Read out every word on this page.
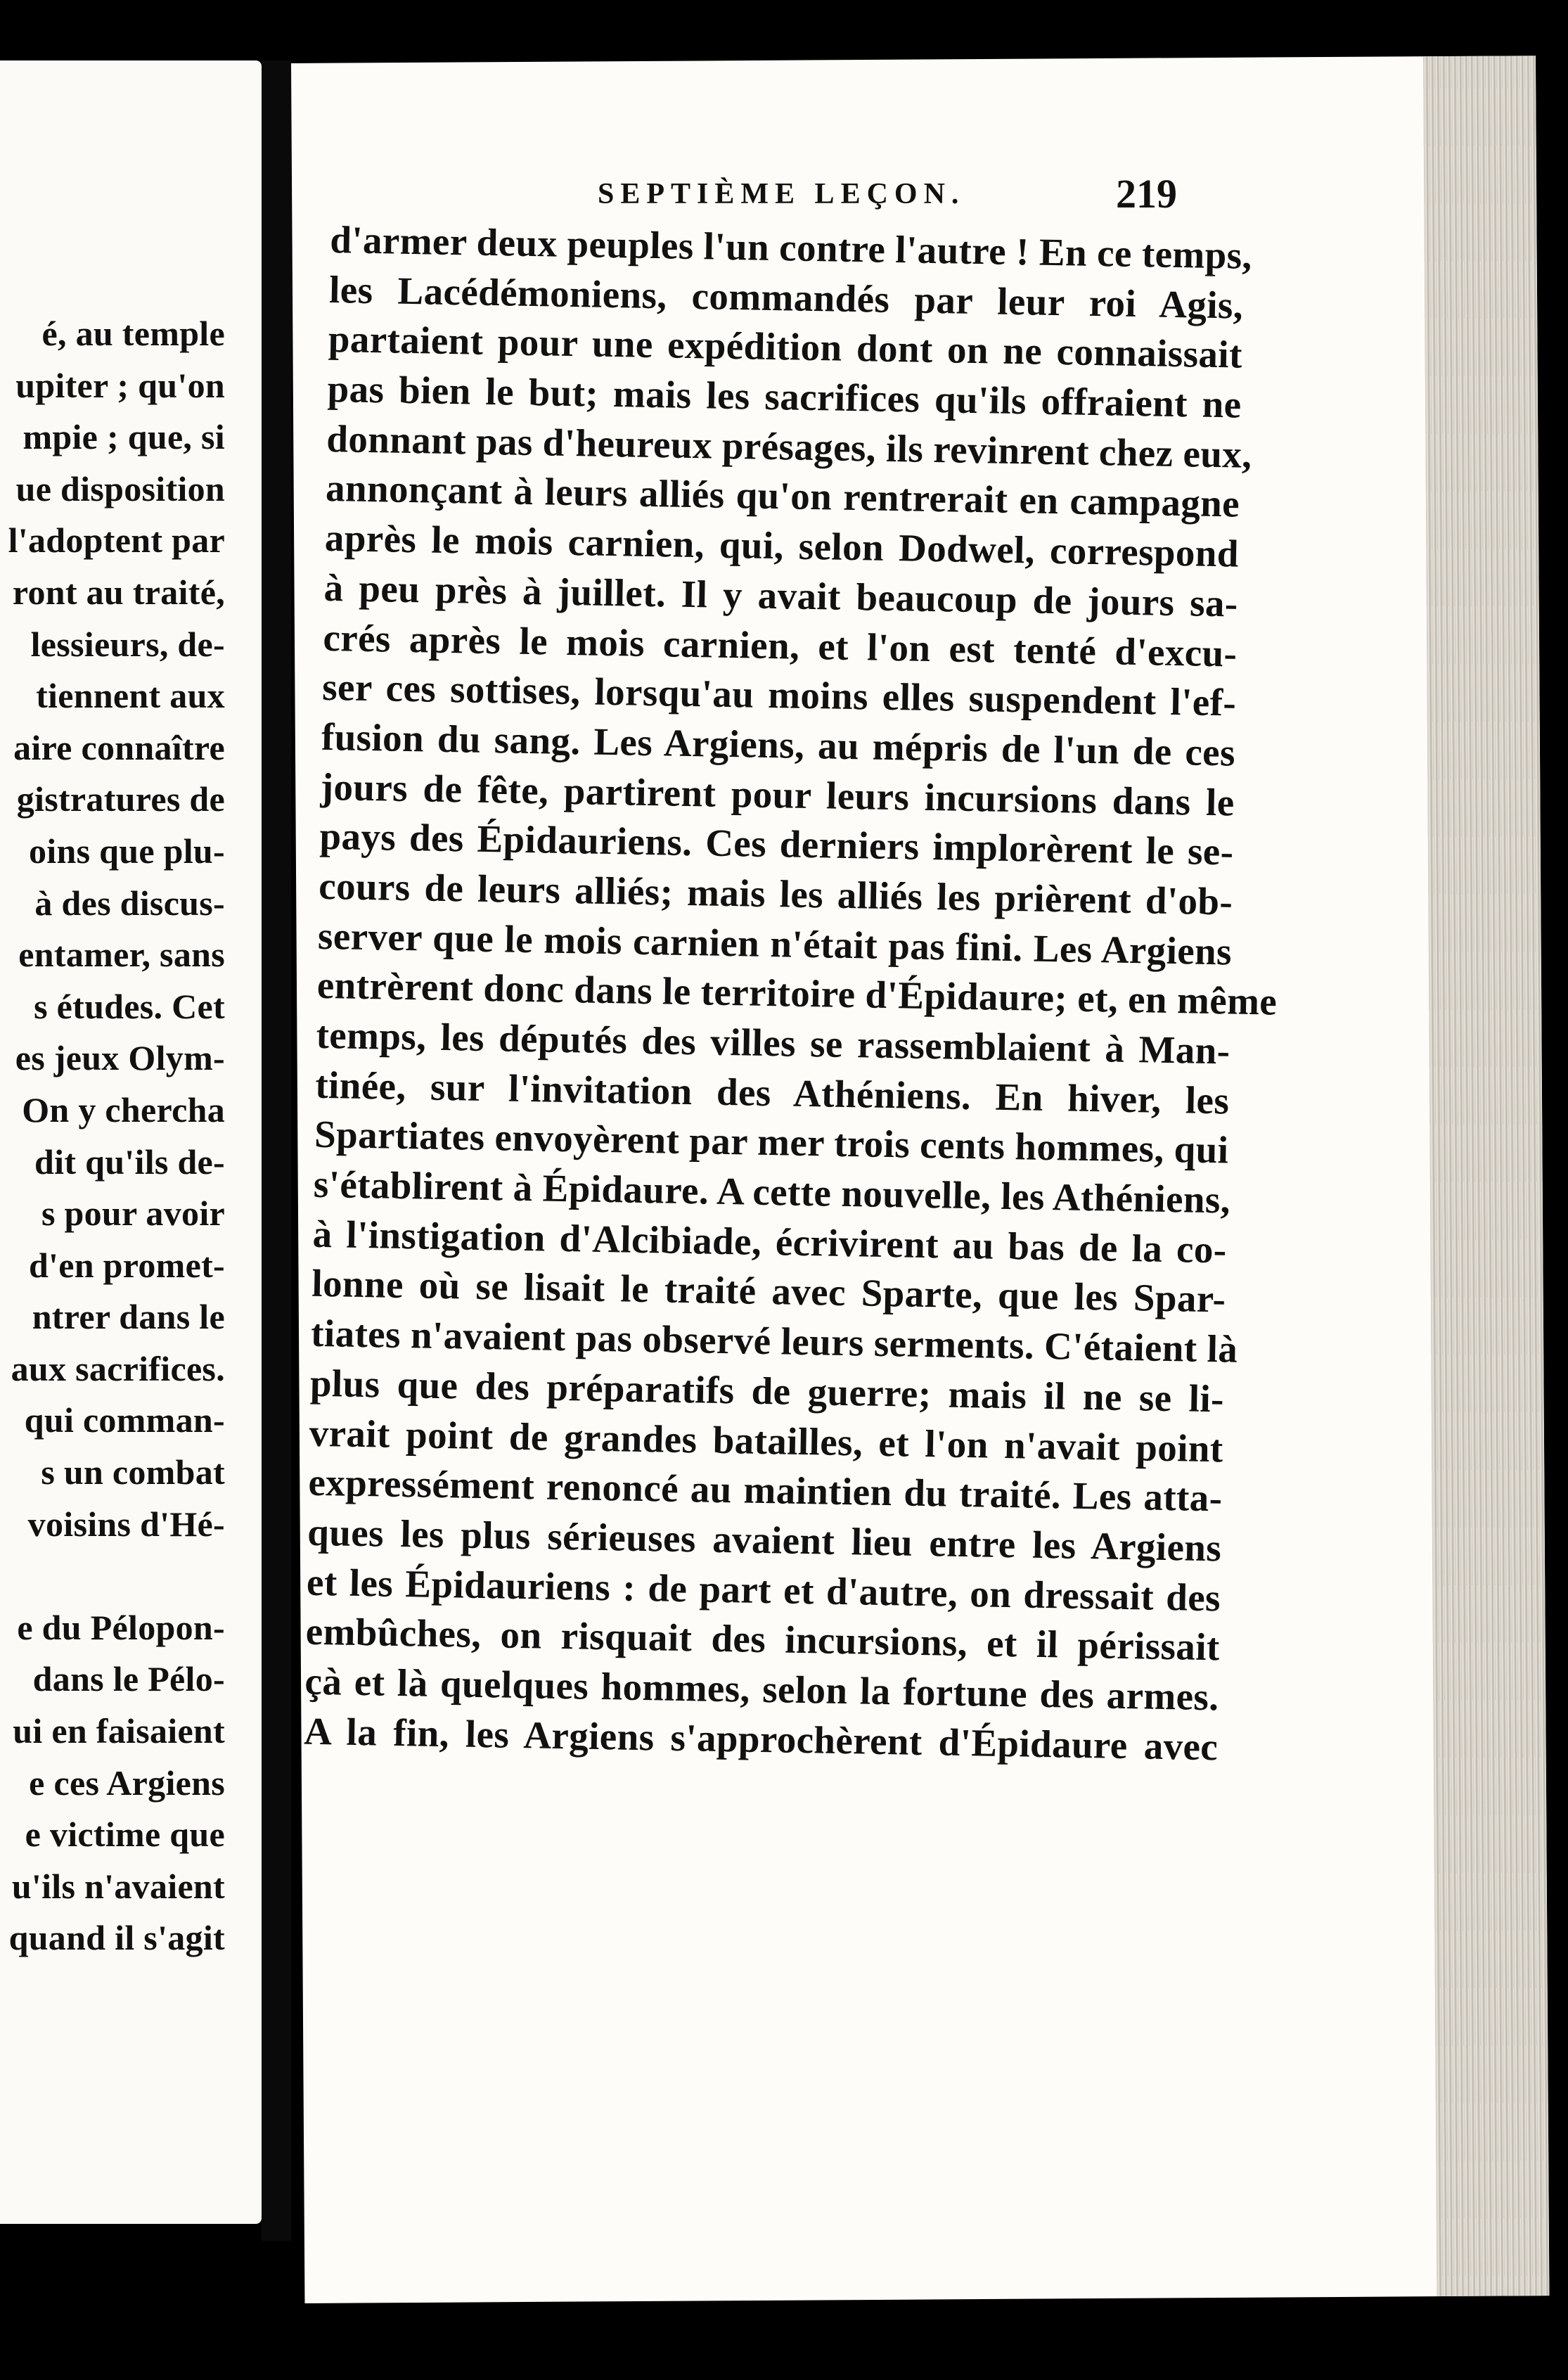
é, au temple
upiter ; qu'on
mpie ; que, si
ue disposition
l'adoptent par
ront au traité,
lessieurs, de-
tiennent aux
aire connaître
gistratures de
oins que plu-
à des discus-
entamer, sans
s études. Cet
es jeux Olym-
On y chercha
dit qu'ils de-
s pour avoir
d'en promet-
ntrer dans le
aux sacrifices.
qui comman-
s un combat
voisins d'Hé-
e du Pélopon-
dans le Pélo-
ui en faisaient
e ces Argiens
e victime que
u'ils n'avaient
quand il s'agit
SEPTIÈME LEÇON.	219
d'armer deux peuples l'un contre l'autre ! En ce temps,
les Lacédémoniens, commandés par leur roi Agis,
partaient pour une expédition dont on ne connaissait
pas bien le but; mais les sacrifices qu'ils offraient ne
donnant pas d'heureux présages, ils revinrent chez eux,
annonçant à leurs alliés qu'on rentrerait en campagne
après le mois carnien, qui, selon Dodwel, correspond
à peu près à juillet. Il y avait beaucoup de jours sa-
crés après le mois carnien, et l'on est tenté d'excu-
ser ces sottises, lorsqu'au moins elles suspendent l'ef-
fusion du sang. Les Argiens, au mépris de l'un de ces
jours de fête, partirent pour leurs incursions dans le
pays des Épidauriens. Ces derniers implorèrent le se-
cours de leurs alliés; mais les alliés les prièrent d'ob-
server que le mois carnien n'était pas fini. Les Argiens
entrèrent donc dans le territoire d'Épidaure; et, en même
temps, les députés des villes se rassemblaient à Man-
tinée, sur l'invitation des Athéniens. En hiver, les
Spartiates envoyèrent par mer trois cents hommes, qui
s'établirent à Épidaure. A cette nouvelle, les Athéniens,
à l'instigation d'Alcibiade, écrivirent au bas de la co-
lonne où se lisait le traité avec Sparte, que les Spar-
tiates n'avaient pas observé leurs serments. C'étaient là
plus que des préparatifs de guerre; mais il ne se li-
vrait point de grandes batailles, et l'on n'avait point
expressément renoncé au maintien du traité. Les atta-
ques les plus sérieuses avaient lieu entre les Argiens
et les Épidauriens : de part et d'autre, on dressait des
embûches, on risquait des incursions, et il périssait
çà et là quelques hommes, selon la fortune des armes.
A la fin, les Argiens s'approchèrent d'Épidaure avec
